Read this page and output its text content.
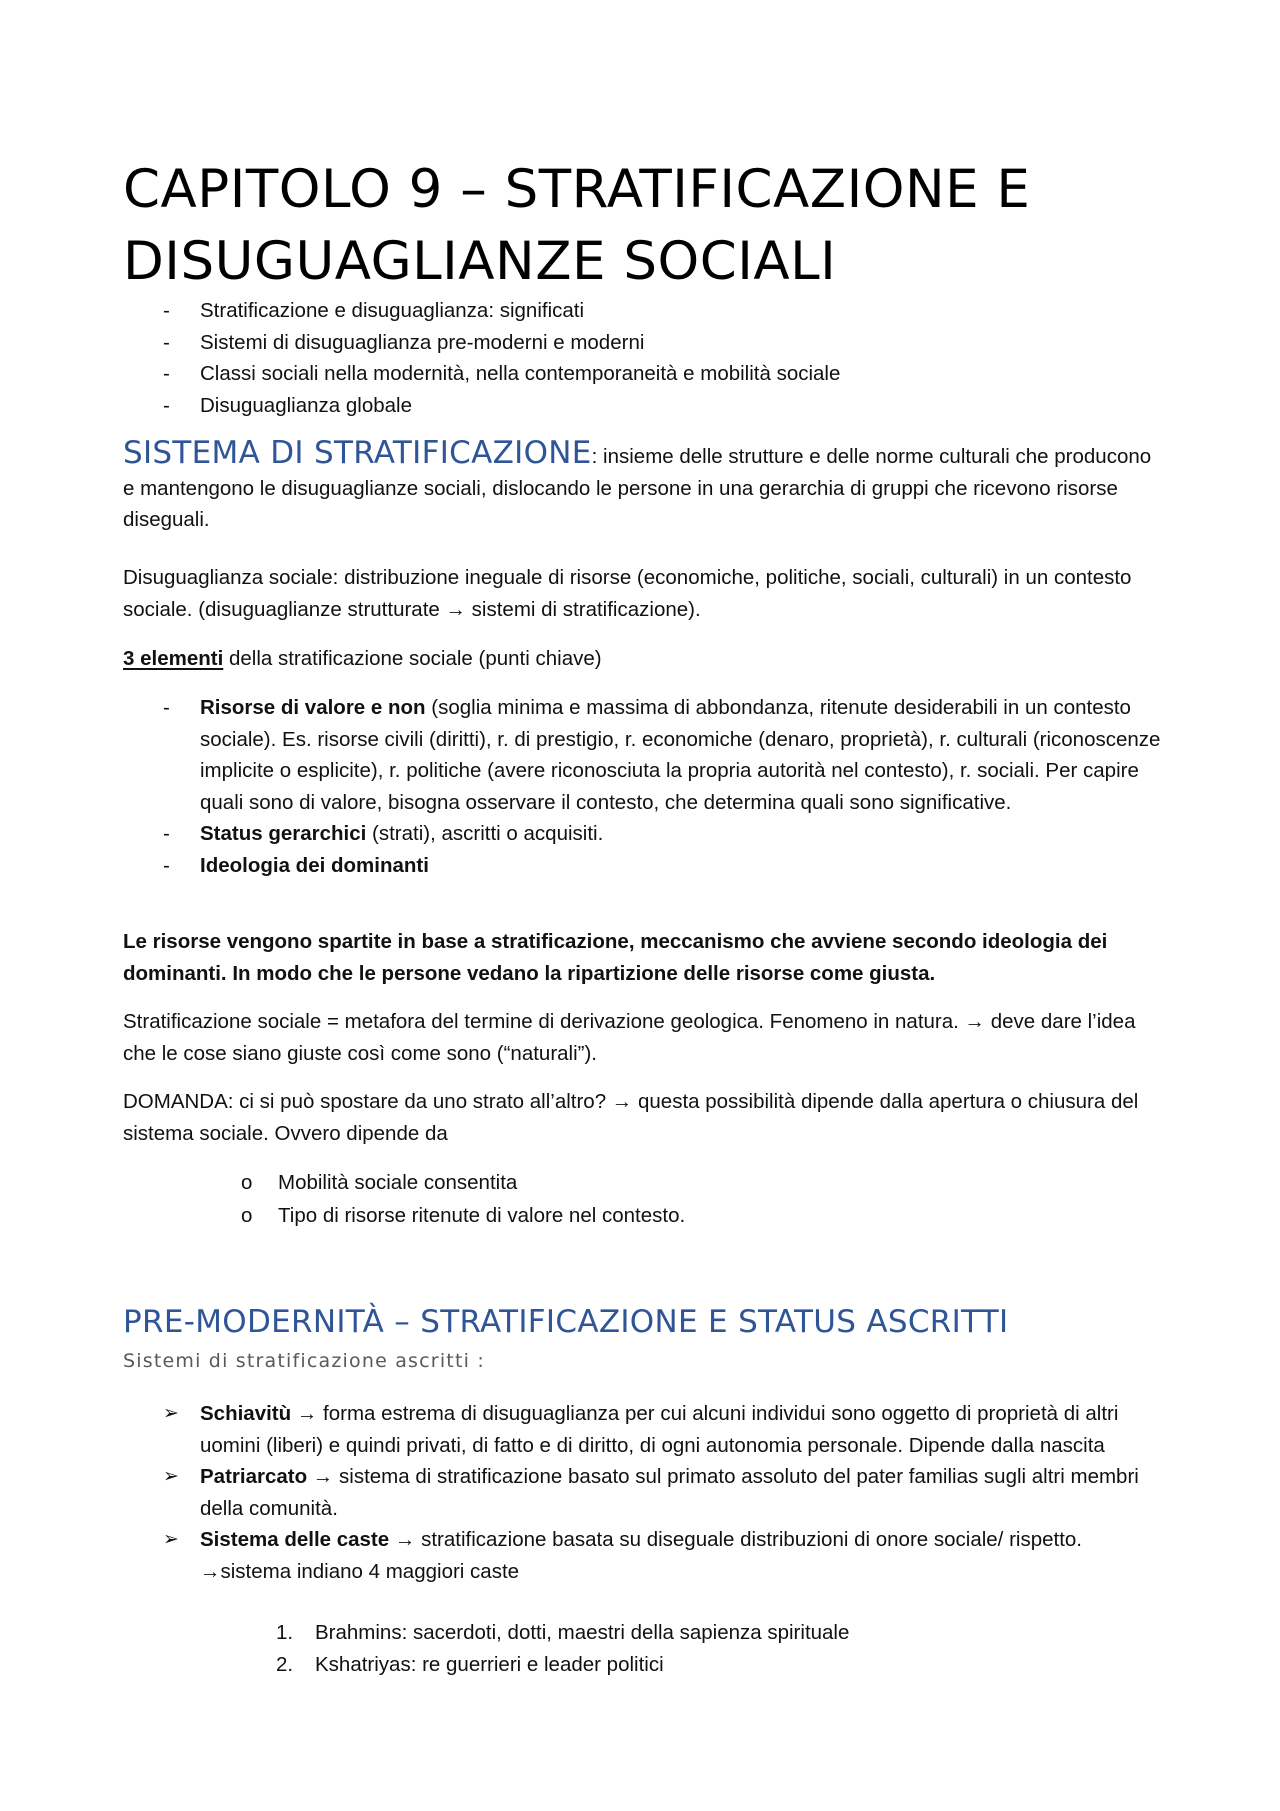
CAPITOLO 9 – STRATIFICAZIONE E
DISUGUAGLIANZE SOCIALI
- Stratificazione e disuguaglianza: significati
- Sistemi di disuguaglianza pre-moderni e moderni
- Classi sociali nella modernità, nella contemporaneità e mobilità sociale
- Disuguaglianza globale

SISTEMA DI STRATIFICAZIONE: insieme delle strutture e delle norme culturali che producono e mantengono le disuguaglianze sociali, dislocando le persone in una gerarchia di gruppi che ricevono risorse diseguali.

Disuguaglianza sociale: distribuzione ineguale di risorse (economiche, politiche, sociali, culturali) in un contesto sociale. (disuguaglianze strutturate → sistemi di stratificazione).

3 elementi della stratificazione sociale (punti chiave)

- Risorse di valore e non (soglia minima e massima di abbondanza, ritenute desiderabili in un contesto sociale). Es. risorse civili (diritti), r. di prestigio, r. economiche (denaro, proprietà), r. culturali (riconoscenze implicite o esplicite), r. politiche (avere riconosciuta la propria autorità nel contesto), r. sociali. Per capire quali sono di valore, bisogna osservare il contesto, che determina quali sono significative.
- Status gerarchici (strati), ascritti o acquisiti.
- Ideologia dei dominanti

Le risorse vengono spartite in base a stratificazione, meccanismo che avviene secondo ideologia dei dominanti. In modo che le persone vedano la ripartizione delle risorse come giusta.

Stratificazione sociale = metafora del termine di derivazione geologica. Fenomeno in natura. → deve dare l’idea che le cose siano giuste così come sono (“naturali”).

DOMANDA: ci si può spostare da uno strato all’altro? → questa possibilità dipende dalla apertura o chiusura del sistema sociale. Ovvero dipende da

o Mobilità sociale consentita
o Tipo di risorse ritenute di valore nel contesto.
PRE-MODERNITÀ – STRATIFICAZIONE E STATUS ASCRITTI

Sistemi di stratificazione ascritti :

➢ Schiavitù → forma estrema di disuguaglianza per cui alcuni individui sono oggetto di proprietà di altri uomini (liberi) e quindi privati, di fatto e di diritto, di ogni autonomia personale. Dipende dalla nascita
➢ Patriarcato → sistema di stratificazione basato sul primato assoluto del pater familias sugli altri membri della comunità.
➢ Sistema delle caste → stratificazione basata su diseguale distribuzioni di onore sociale/ rispetto.
→sistema indiano 4 maggiori caste
1. Brahmins: sacerdoti, dotti, maestri della sapienza spirituale
2. Kshatriyas: re guerrieri e leader politici
